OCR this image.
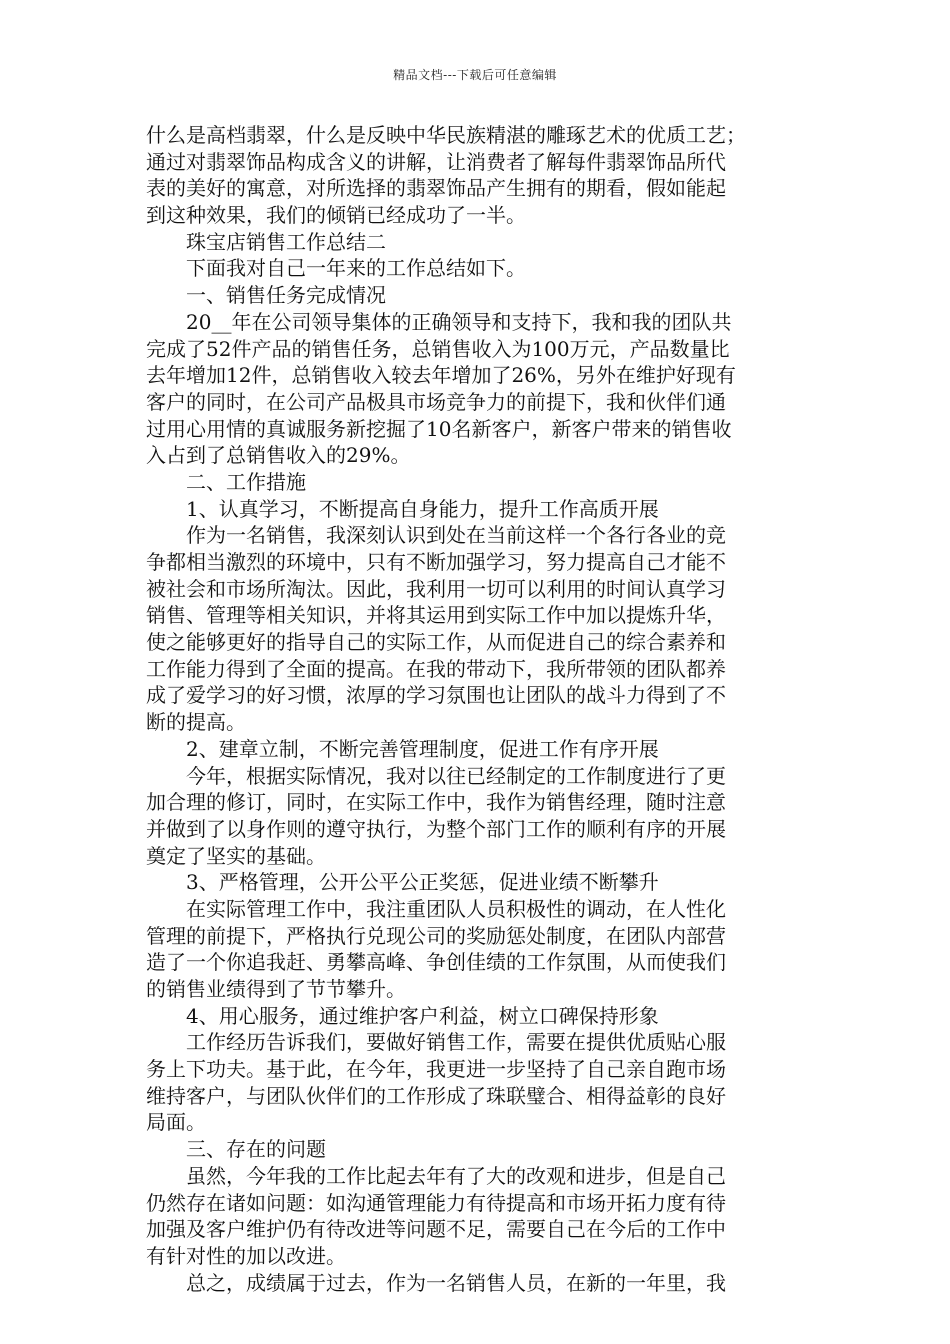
精品文档---下载后可任意编辑
什么是高档翡翠，什么是反映中华民族精湛的雕琢艺术的优质工艺；
通过对翡翠饰品构成含义的讲解，让消费者了解每件翡翠饰品所代
表的美好的寓意，对所选择的翡翠饰品产生拥有的期看，假如能起
到这种效果，我们的倾销已经成功了一半。
珠宝店销售工作总结二
下面我对自己一年来的工作总结如下。
一、销售任务完成情况
20__年在公司领导集体的正确领导和支持下，我和我的团队共
完成了52件产品的销售任务，总销售收入为100万元，产品数量比
去年增加12件，总销售收入较去年增加了26%，另外在维护好现有
客户的同时，在公司产品极具市场竞争力的前提下，我和伙伴们通
过用心用情的真诚服务新挖掘了10名新客户，新客户带来的销售收
入占到了总销售收入的29%。
二、工作措施
1、认真学习，不断提高自身能力，提升工作高质开展
作为一名销售，我深刻认识到处在当前这样一个各行各业的竞
争都相当激烈的环境中，只有不断加强学习，努力提高自己才能不
被社会和市场所淘汰。因此，我利用一切可以利用的时间认真学习
销售、管理等相关知识，并将其运用到实际工作中加以提炼升华，
使之能够更好的指导自己的实际工作，从而促进自己的综合素养和
工作能力得到了全面的提高。在我的带动下，我所带领的团队都养
成了爱学习的好习惯，浓厚的学习氛围也让团队的战斗力得到了不
断的提高。
2、建章立制，不断完善管理制度，促进工作有序开展
今年，根据实际情况，我对以往已经制定的工作制度进行了更
加合理的修订，同时，在实际工作中，我作为销售经理，随时注意
并做到了以身作则的遵守执行，为整个部门工作的顺利有序的开展
奠定了坚实的基础。
3、严格管理，公开公平公正奖惩，促进业绩不断攀升
在实际管理工作中，我注重团队人员积极性的调动，在人性化
管理的前提下，严格执行兑现公司的奖励惩处制度，在团队内部营
造了一个你追我赶、勇攀高峰、争创佳绩的工作氛围，从而使我们
的销售业绩得到了节节攀升。
4、用心服务，通过维护客户利益，树立口碑保持形象
工作经历告诉我们，要做好销售工作，需要在提供优质贴心服
务上下功夫。基于此，在今年，我更进一步坚持了自己亲自跑市场
维持客户，与团队伙伴们的工作形成了珠联璧合、相得益彰的良好
局面。
三、存在的问题
虽然，今年我的工作比起去年有了大的改观和进步，但是自己
仍然存在诸如问题：如沟通管理能力有待提高和市场开拓力度有待
加强及客户维护仍有待改进等问题不足，需要自己在今后的工作中
有针对性的加以改进。
总之，成绩属于过去，作为一名销售人员，在新的一年里，我
